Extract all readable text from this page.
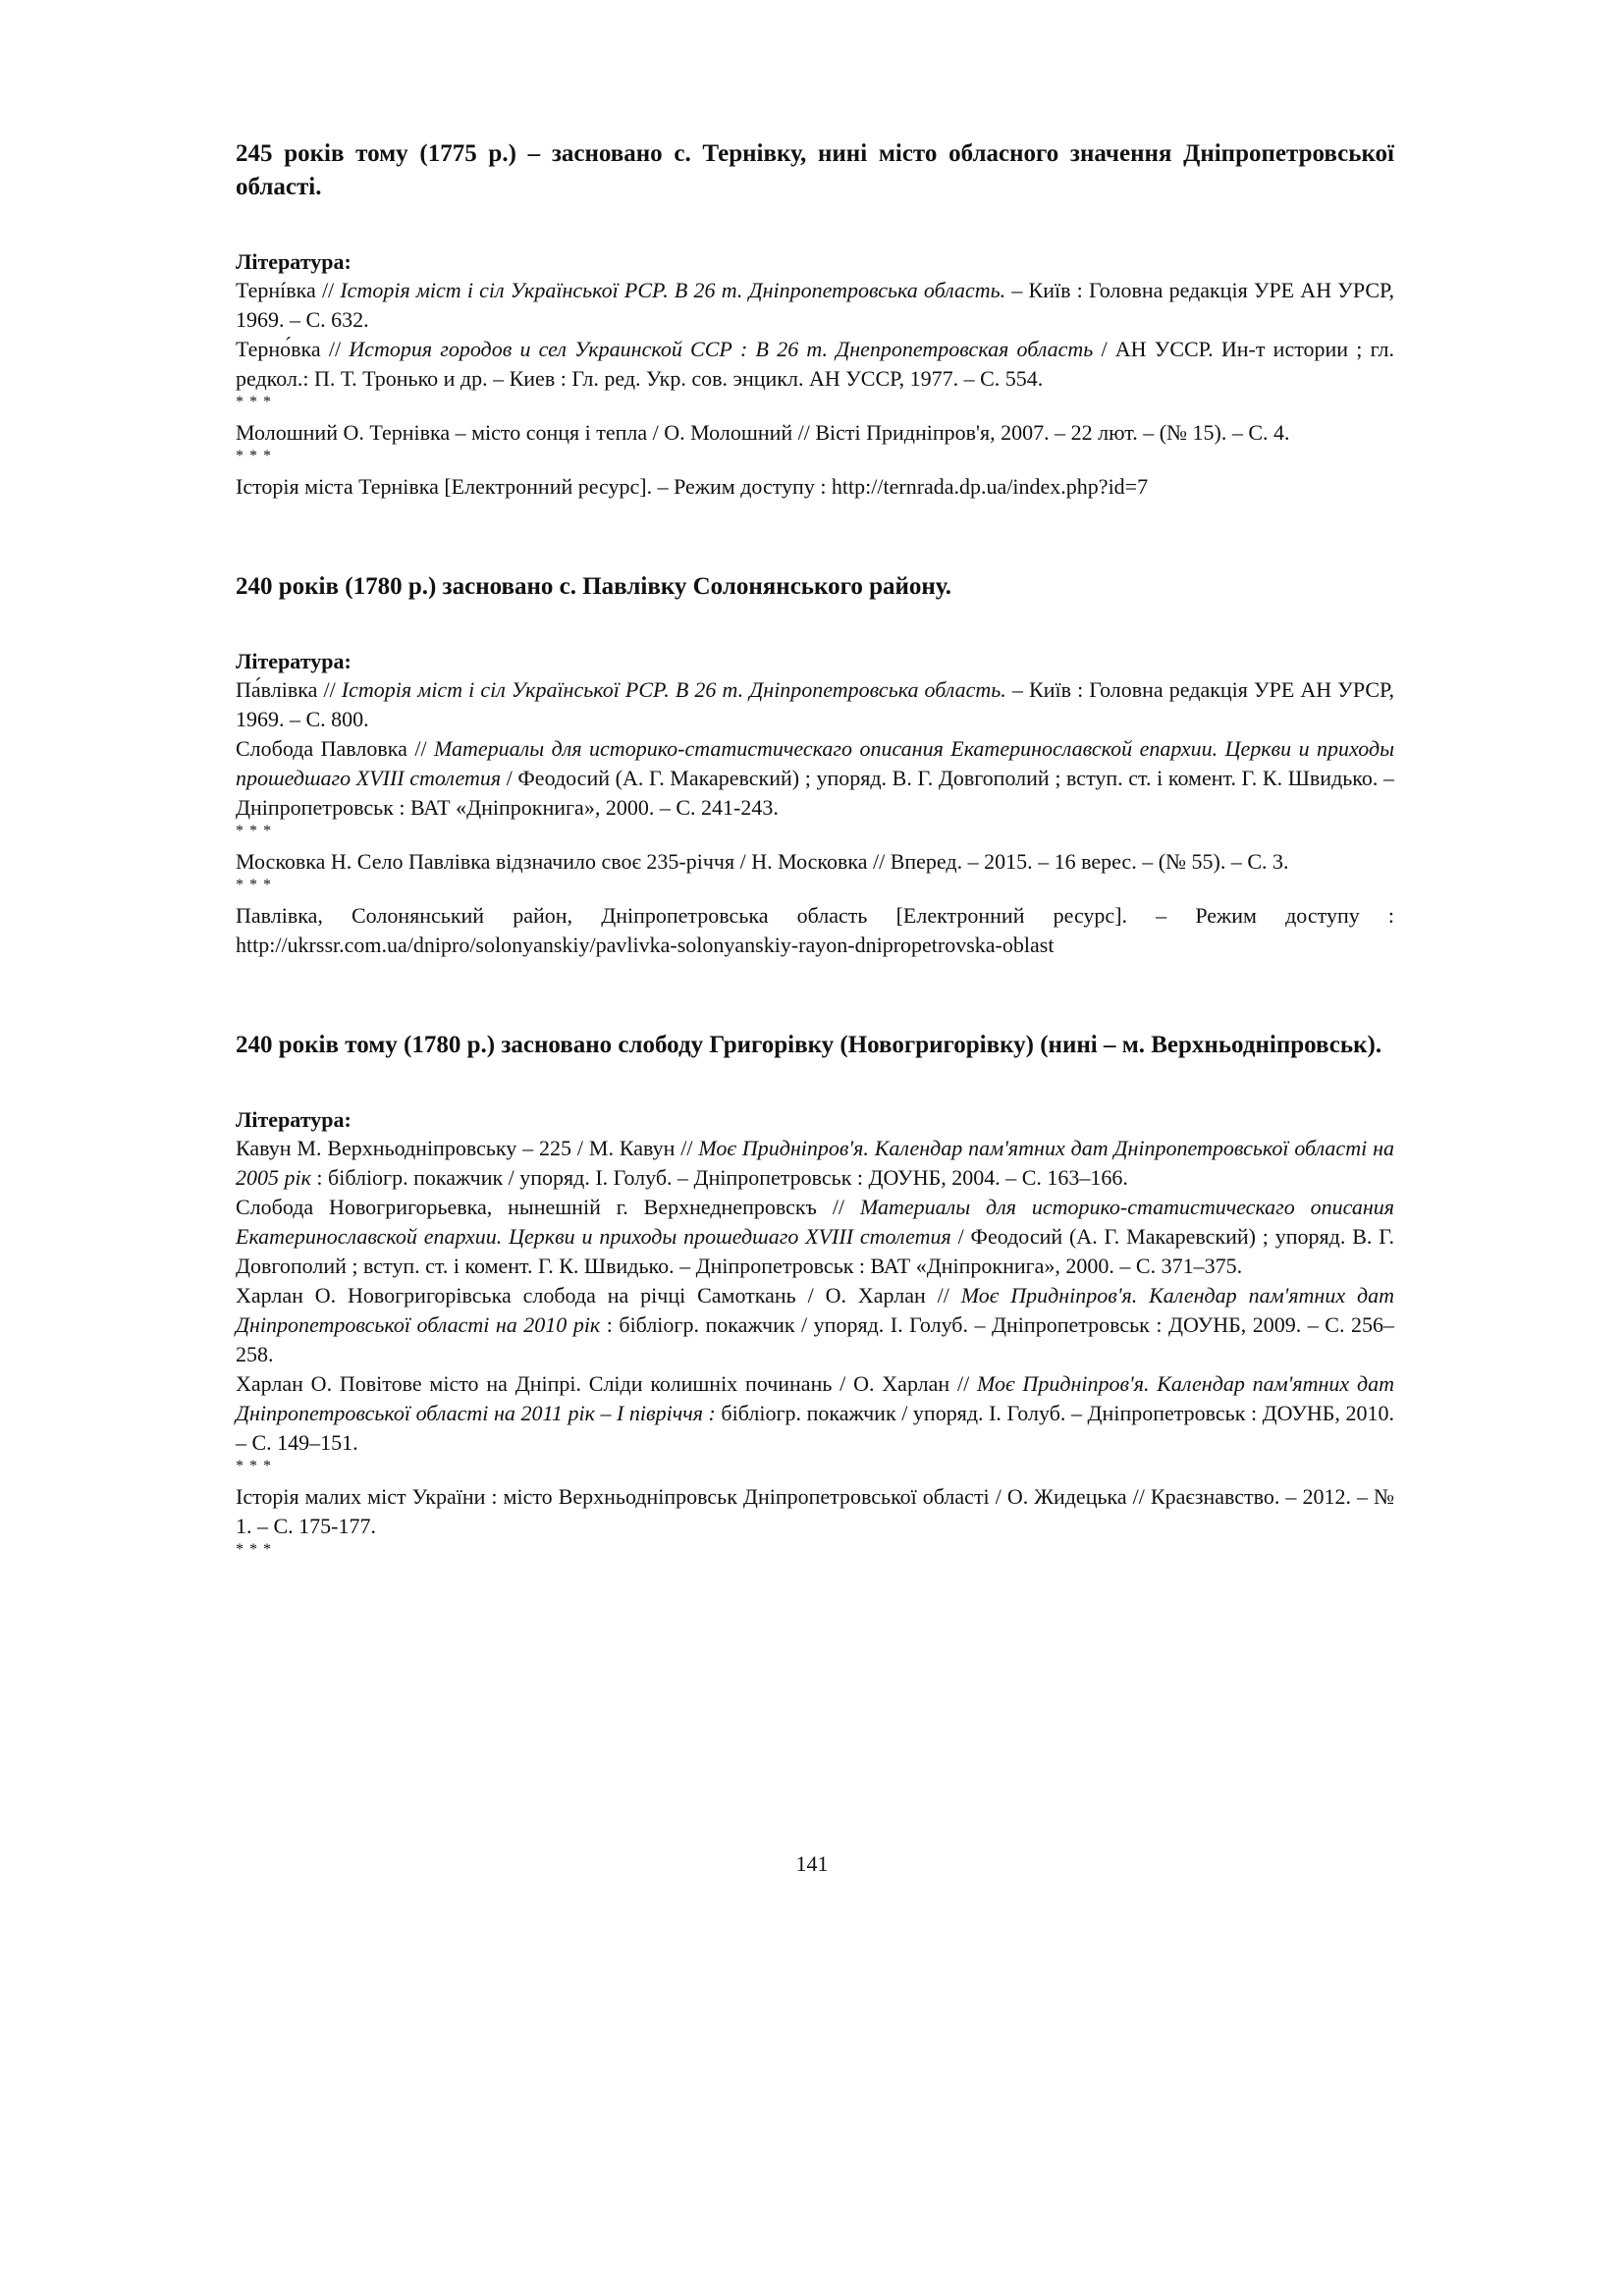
245 років тому (1775 р.) – засновано с. Тернівку, нині місто обласного значення Дніпропетровської області.

Література:

Тернíвка // Історія міст і сіл Української РСР. В 26 т. Дніпропетровська область. – Київ : Головна редакція УРЕ АН УРСР, 1969. – С. 632.

Терно́вка // История городов и сел Украинской ССР : В 26 т. Днепропетровская область / АН УССР. Ин-т истории ; гл. редкол.: П. Т. Тронько и др. – Киев : Гл. ред. Укр. сов. энцикл. АН УССР, 1977. – С. 554.

* * *

Молошний О. Тернівка – місто сонця і тепла / О. Молошний // Вісті Придніпров'я, 2007. – 22 лют. – (№ 15). – С. 4.

* * *

Історія міста Тернівка [Електронний ресурс]. – Режим доступу : http://ternrada.dp.ua/index.php?id=7

240 років (1780 р.) засновано с. Павлівку Солонянського району.

Література:

Па́влівка // Історія міст і сіл Української РСР. В 26 т. Дніпропетровська область. – Київ : Головна редакція УРЕ АН УРСР, 1969. – С. 800.

Слобода Павловка // Материалы для историко-статистическаго описания Екатеринославской епархии. Церкви и приходы прошедшаго XVIII столетия / Феодосий (А. Г. Макаревский) ; упоряд. В. Г. Довгополий ; вступ. ст. і комент. Г. К. Швидько. – Дніпропетровськ : ВАТ «Дніпрокнига», 2000. – С. 241-243.

* * *

Московка Н. Село Павлівка відзначило своє 235-річчя / Н. Московка // Вперед. – 2015. – 16 верес. – (№ 55). – С. 3.

* * *

Павлівка, Солонянський район, Дніпропетровська область [Електронний ресурс]. – Режим доступу : http://ukrssr.com.ua/dnipro/solonyanskiy/pavlivka-solonyanskiy-rayon-dnipropetrovska-oblast

240 років тому (1780 р.) засновано слободу Григорівку (Новогригорівку) (нині – м. Верхньодніпровськ).

Література:

Кавун М. Верхньодніпровську – 225 / М. Кавун // Моє Придніпров'я. Календар пам'ятних дат Дніпропетровської області на 2005 рік : бібліогр. покажчик / упоряд. І. Голуб. – Дніпропетровськ : ДОУНБ, 2004. – С. 163–166.

Слобода Новогригорьевка, нынешній г. Верхнеднепровскъ // Материалы для историко-статистическаго описания Екатеринославской епархии. Церкви и приходы прошедшаго XVIII столетия / Феодосий (А. Г. Макаревский) ; упоряд. В. Г. Довгополий ; вступ. ст. і комент. Г. К. Швидько. – Дніпропетровськ : ВАТ «Дніпрокнига», 2000. – С. 371–375.

Харлан О. Новогригорівська слобода на річці Самоткань / О. Харлан // Моє Придніпров'я. Календар пам'ятних дат Дніпропетровської області на 2010 рік : бібліогр. покажчик / упоряд. І. Голуб. – Дніпропетровськ : ДОУНБ, 2009. – С. 256–258.

Харлан О. Повітове місто на Дніпрі. Сліди колишніх починань / О. Харлан // Моє Придніпров'я. Календар пам'ятних дат Дніпропетровської області на 2011 рік – І півріччя : бібліогр. покажчик / упоряд. І. Голуб. – Дніпропетровськ : ДОУНБ, 2010. – С. 149–151.

* * *

Історія малих міст України : місто Верхньодніпровськ Дніпропетровської області / О. Жидецька // Краєзнавство. – 2012. – № 1. – С. 175-177.

* * *

141
